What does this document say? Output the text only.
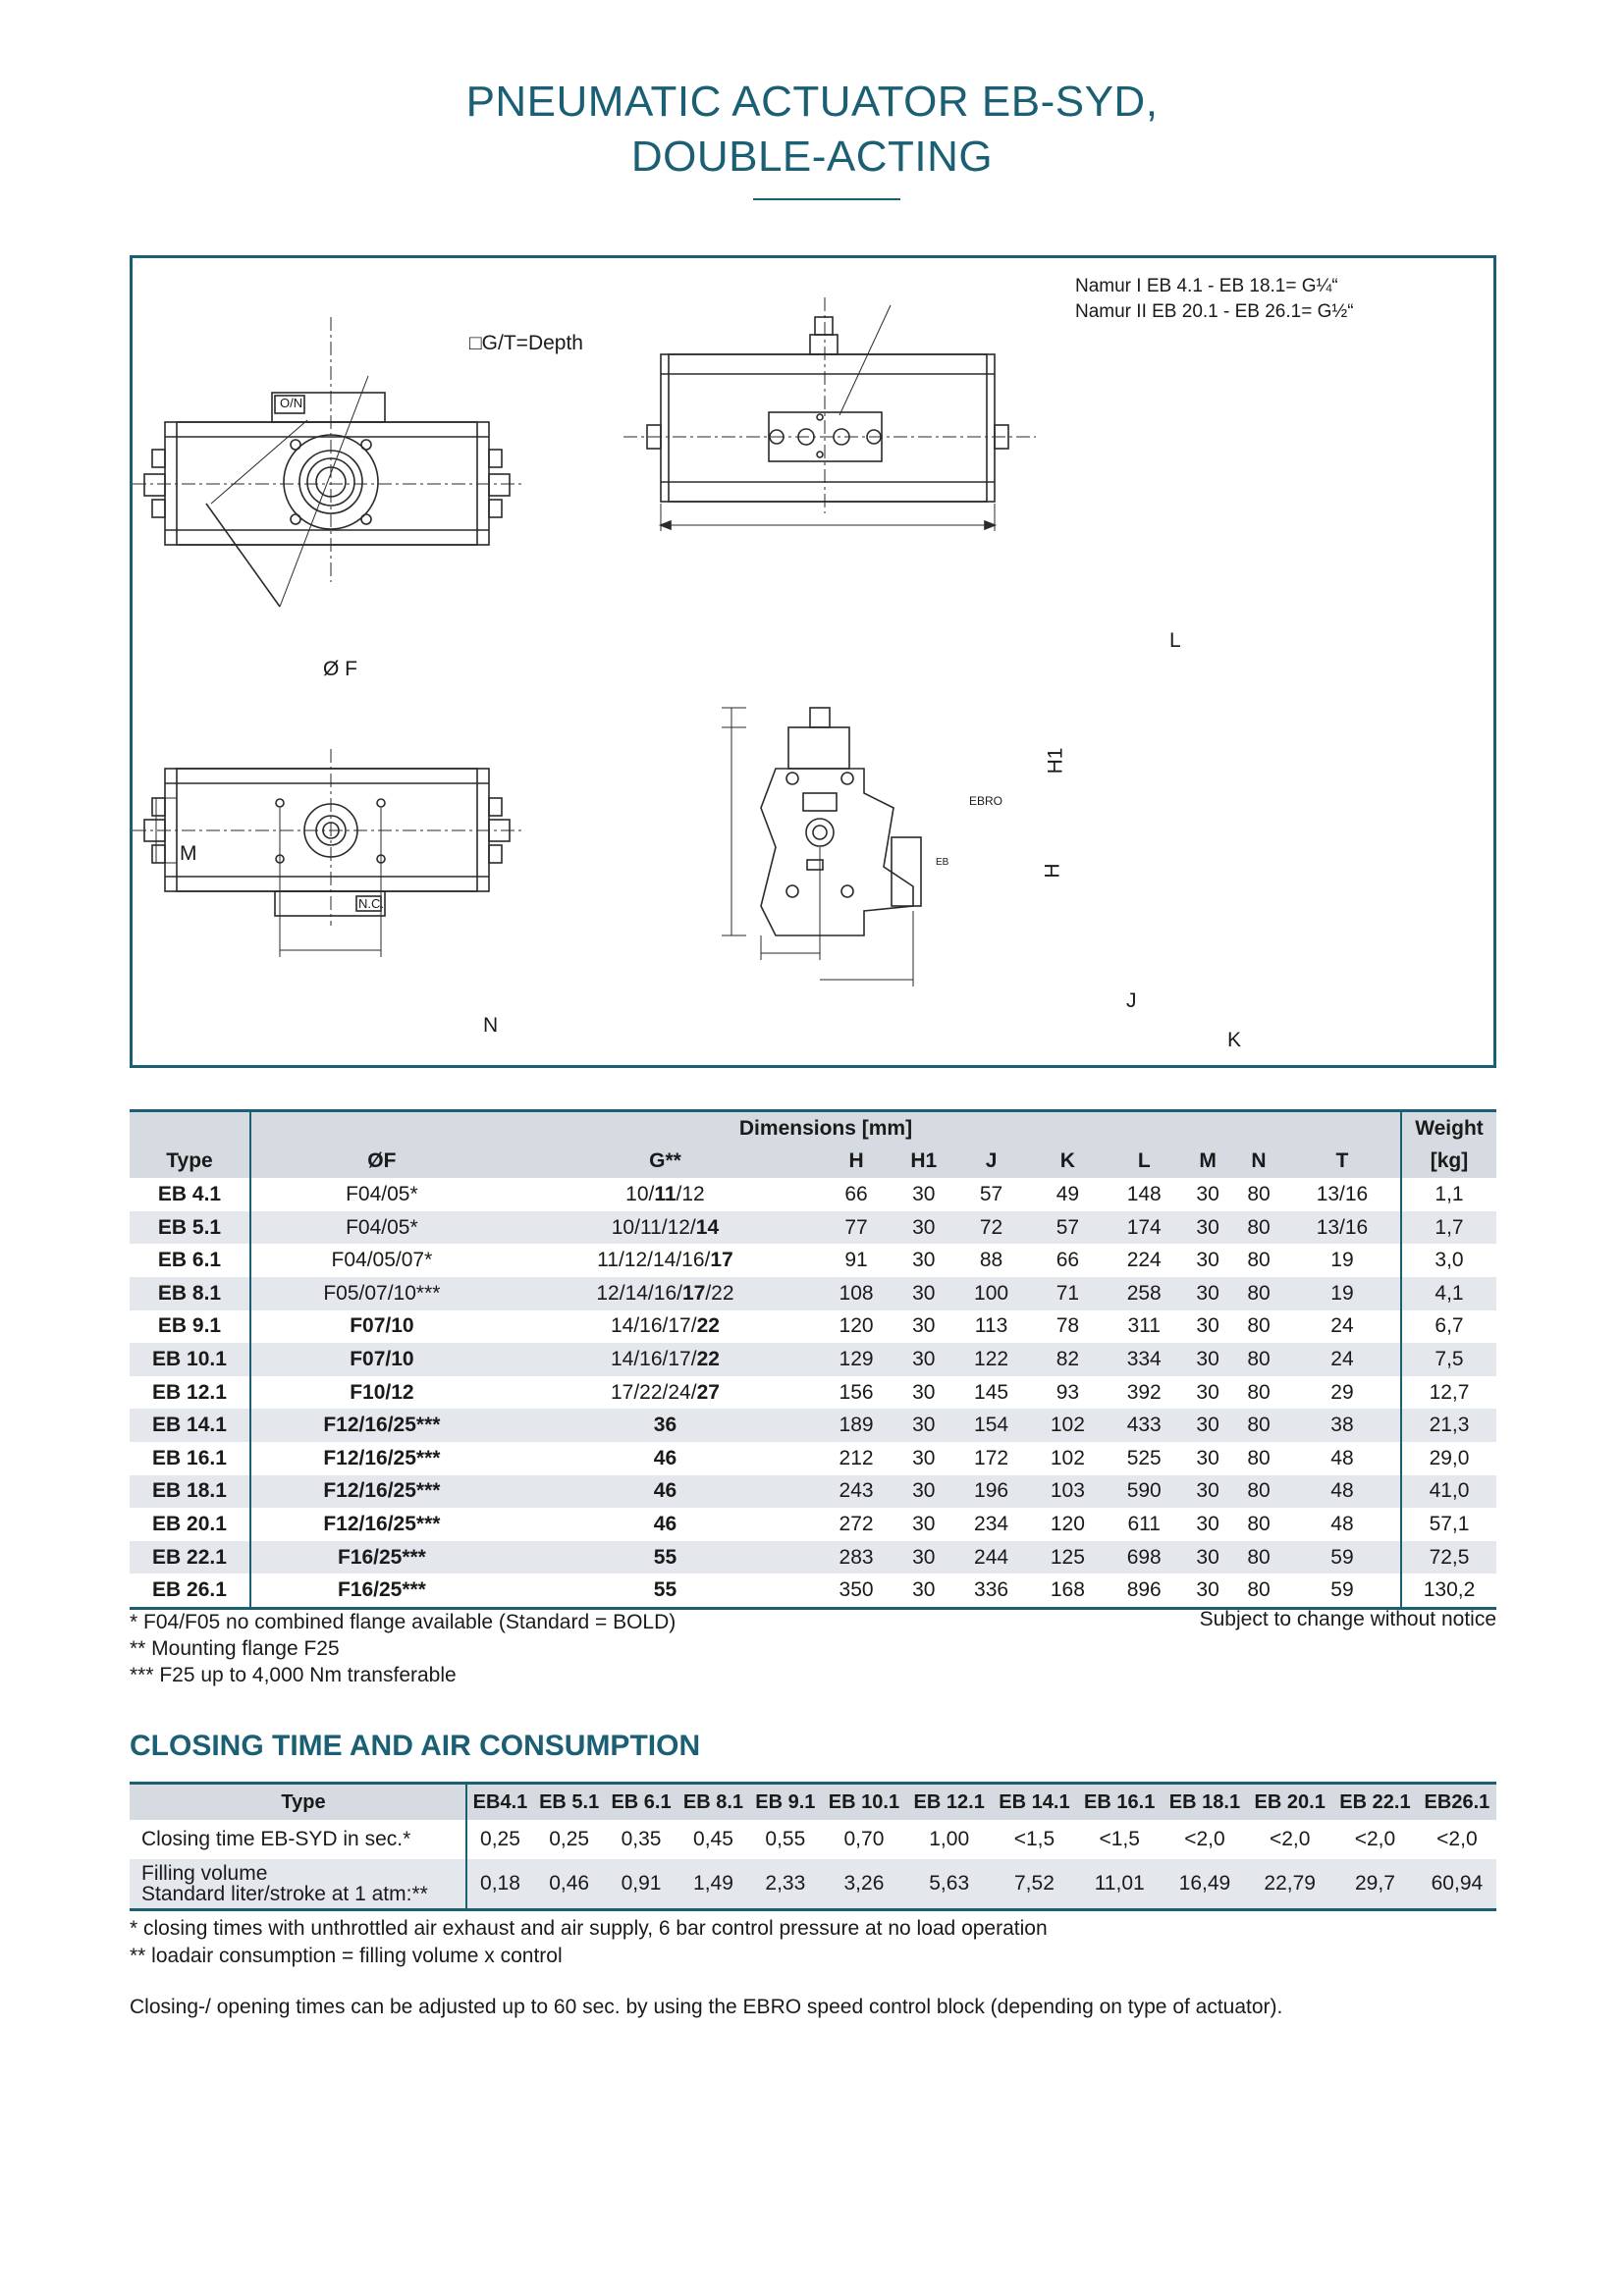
PNEUMATIC ACTUATOR EB-SYD,
DOUBLE-ACTING
Namur I EB 4.1 - EB 18.1= G¼“
Namur II EB 20.1 - EB 26.1= G½“
□G/T=Depth
Ø F
L
M
N
H1
H
J
K
O/N
N.C.
EBRO
EB
	Dimensions [mm]										Weight
Type	ØF	G**	H	H1	J	K	L	M	N	T	[kg]
EB 4.1	F04/05*	10/11/12	66	30	57	49	148	30	80	13/16	1,1
EB 5.1	F04/05*	10/11/12/14	77	30	72	57	174	30	80	13/16	1,7
EB 6.1	F04/05/07*	11/12/14/16/17	91	30	88	66	224	30	80	19	3,0
EB 8.1	F05/07/10***	12/14/16/17/22	108	30	100	71	258	30	80	19	4,1
EB 9.1	F07/10	14/16/17/22	120	30	113	78	311	30	80	24	6,7
EB 10.1	F07/10	14/16/17/22	129	30	122	82	334	30	80	24	7,5
EB 12.1	F10/12	17/22/24/27	156	30	145	93	392	30	80	29	12,7
EB 14.1	F12/16/25***	36	189	30	154	102	433	30	80	38	21,3
EB 16.1	F12/16/25***	46	212	30	172	102	525	30	80	48	29,0
EB 18.1	F12/16/25***	46	243	30	196	103	590	30	80	48	41,0
EB 20.1	F12/16/25***	46	272	30	234	120	611	30	80	48	57,1
EB 22.1	F16/25***	55	283	30	244	125	698	30	80	59	72,5
EB 26.1	F16/25***	55	350	30	336	168	896	30	80	59	130,2
* F04/F05 no combined flange available (Standard = BOLD)
** Mounting flange F25
*** F25 up to 4,000 Nm transferable
Subject to change without notice
CLOSING TIME AND AIR CONSUMPTION
Type	EB4.1	EB 5.1	EB 6.1	EB 8.1	EB 9.1	EB 10.1	EB 12.1	EB 14.1	EB 16.1	EB 18.1	EB 20.1	EB 22.1	EB26.1
Closing time EB-SYD in sec.*	0,25	0,25	0,35	0,45	0,55	0,70	1,00	<1,5	<1,5	<2,0	<2,0	<2,0	<2,0

Filling volume
Standard liter/stroke at 1 atm:**	0,18	0,46	0,91	1,49	2,33	3,26	5,63	7,52	11,01	16,49	22,79	29,7	60,94
* closing times with unthrottled air exhaust and air supply, 6 bar control pressure at no load operation
** loadair consumption = filling volume x control
Closing-/ opening times can be adjusted up to 60 sec. by using the EBRO speed control block (depending on type of actuator).
